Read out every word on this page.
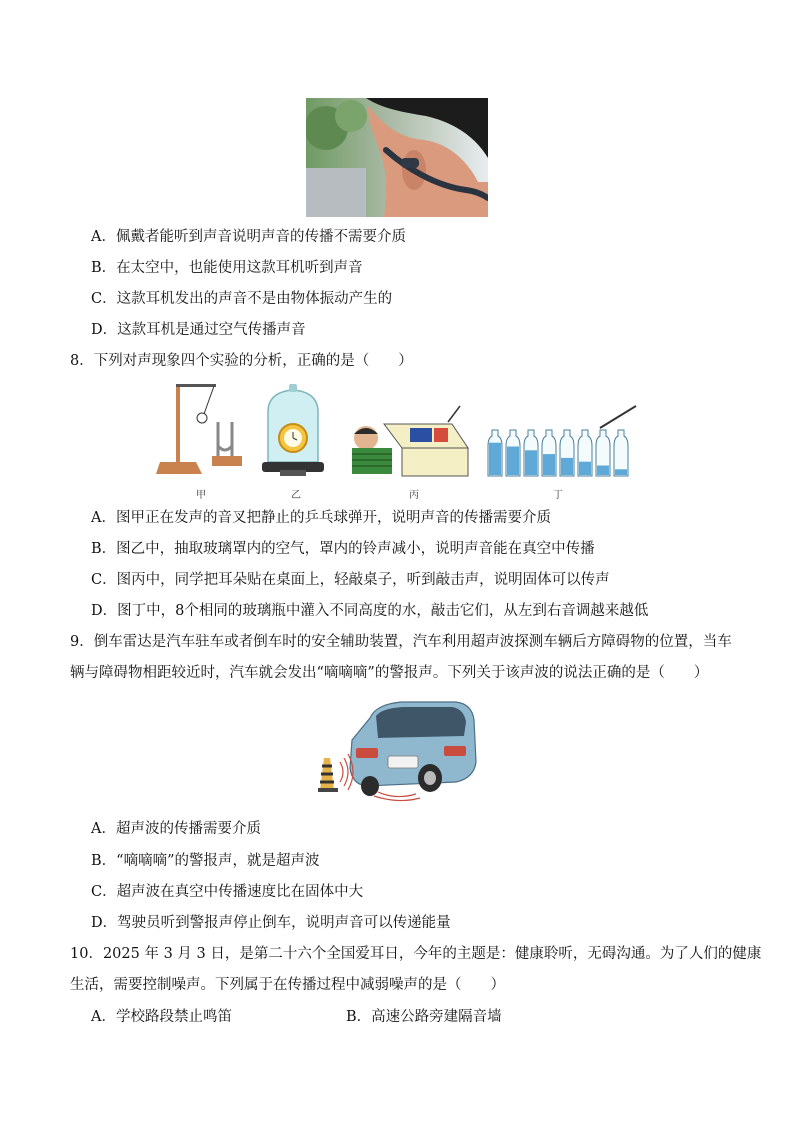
A．佩戴者能听到声音说明声音的传播不需要介质
B．在太空中，也能使用这款耳机听到声音
C．这款耳机发出的声音不是由物体振动产生的
D．这款耳机是通过空气传播声音
8．下列对声现象四个实验的分析，正确的是（　　）
甲	乙	丙	丁
A．图甲正在发声的音叉把静止的乒乓球弹开，说明声音的传播需要介质
B．图乙中，抽取玻璃罩内的空气，罩内的铃声减小，说明声音能在真空中传播
C．图丙中，同学把耳朵贴在桌面上，轻敲桌子，听到敲击声，说明固体可以传声
D．图丁中，8个相同的玻璃瓶中灌入不同高度的水，敲击它们，从左到右音调越来越低
9．倒车雷达是汽车驻车或者倒车时的安全辅助装置，汽车利用超声波探测车辆后方障碍物的位置，当车
辆与障碍物相距较近时，汽车就会发出“嘀嘀嘀”的警报声。下列关于该声波的说法正确的是（　　）
A．超声波的传播需要介质
B．“嘀嘀嘀”的警报声，就是超声波
C．超声波在真空中传播速度比在固体中大
D．驾驶员听到警报声停止倒车，说明声音可以传递能量
10．2025 年 3 月 3 日，是第二十六个全国爱耳日，今年的主题是：健康聆听，无碍沟通。为了人们的健康
生活，需要控制噪声。下列属于在传播过程中减弱噪声的是（　　）
A．学校路段禁止鸣笛	B．高速公路旁建隔音墙
